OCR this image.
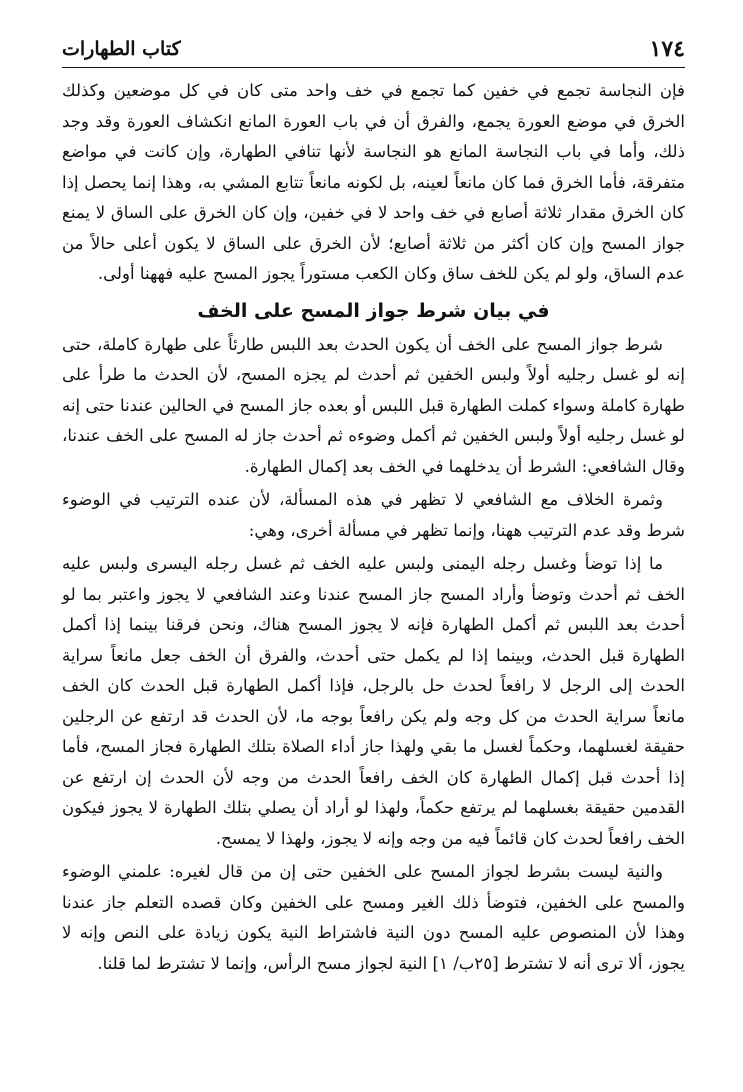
١٧٤
كتاب الطهارات

فإن النجاسة تجمع في خفين كما تجمع في خف واحد متى كان في كل موضعين وكذلك الخرق في موضع العورة يجمع، والفرق أن في باب العورة المانع انكشاف العورة وقد وجد ذلك، وأما في باب النجاسة المانع هو النجاسة لأنها تنافي الطهارة، وإن كانت في مواضع متفرقة، فأما الخرق فما كان مانعاً لعينه، بل لكونه مانعاً تتابع المشي به، وهذا إنما يحصل إذا كان الخرق مقدار ثلاثة أصابع في خف واحد لا في خفين، وإن كان الخرق على الساق لا يمنع جواز المسح وإن كان أكثر من ثلاثة أصابع؛ لأن الخرق على الساق لا يكون أعلى حالاً من عدم الساق، ولو لم يكن للخف ساق وكان الكعب مستوراً يجوز المسح عليه فههنا أولى.

في بيان شرط جواز المسح على الخف

شرط جواز المسح على الخف أن يكون الحدث بعد اللبس طارئاً على طهارة كاملة، حتى إنه لو غسل رجليه أولاً ولبس الخفين ثم أحدث لم يجزه المسح، لأن الحدث ما طرأ على طهارة كاملة وسواء كملت الطهارة قبل اللبس أو بعده جاز المسح في الحالين عندنا حتى إنه لو غسل رجليه أولاً ولبس الخفين ثم أكمل وضوءه ثم أحدث جاز له المسح على الخف عندنا، وقال الشافعي: الشرط أن يدخلهما في الخف بعد إكمال الطهارة.

وثمرة الخلاف مع الشافعي لا تظهر في هذه المسألة، لأن عنده الترتيب في الوضوء شرط وقد عدم الترتيب ههنا، وإنما تظهر في مسألة أخرى، وهي:

ما إذا توضأ وغسل رجله اليمنى ولبس عليه الخف ثم غسل رجله اليسرى ولبس عليه الخف ثم أحدث وتوضأ وأراد المسح جاز المسح عندنا وعند الشافعي لا يجوز واعتبر بما لو أحدث بعد اللبس ثم أكمل الطهارة فإنه لا يجوز المسح هناك، ونحن فرقنا بينما إذا أكمل الطهارة قبل الحدث، وبينما إذا لم يكمل حتى أحدث، والفرق أن الخف جعل مانعاً سراية الحدث إلى الرجل لا رافعاً لحدث حل بالرجل، فإذا أكمل الطهارة قبل الحدث كان الخف مانعاً سراية الحدث من كل وجه ولم يكن رافعاً بوجه ما، لأن الحدث قد ارتفع عن الرجلين حقيقة لغسلهما، وحكماً لغسل ما بقي ولهذا جاز أداء الصلاة بتلك الطهارة فجاز المسح، فأما إذا أحدث قبل إكمال الطهارة كان الخف رافعاً الحدث من وجه لأن الحدث إن ارتفع عن القدمين حقيقة بغسلهما لم يرتفع حكماً، ولهذا لو أراد أن يصلي بتلك الطهارة لا يجوز فيكون الخف رافعاً لحدث كان قائماً فيه من وجه وإنه لا يجوز، ولهذا لا يمسح.

والنية ليست بشرط لجواز المسح على الخفين حتى إن من قال لغيره: علمني الوضوء والمسح على الخفين، فتوضأ ذلك الغير ومسح على الخفين وكان قصده التعلم جاز عندنا وهذا لأن المنصوص عليه المسح دون النية فاشتراط النية يكون زيادة على النص وإنه لا يجوز، ألا ترى أنه لا تشترط [٢٥ب/ ١] النية لجواز مسح الرأس، وإنما لا تشترط لما قلنا.
